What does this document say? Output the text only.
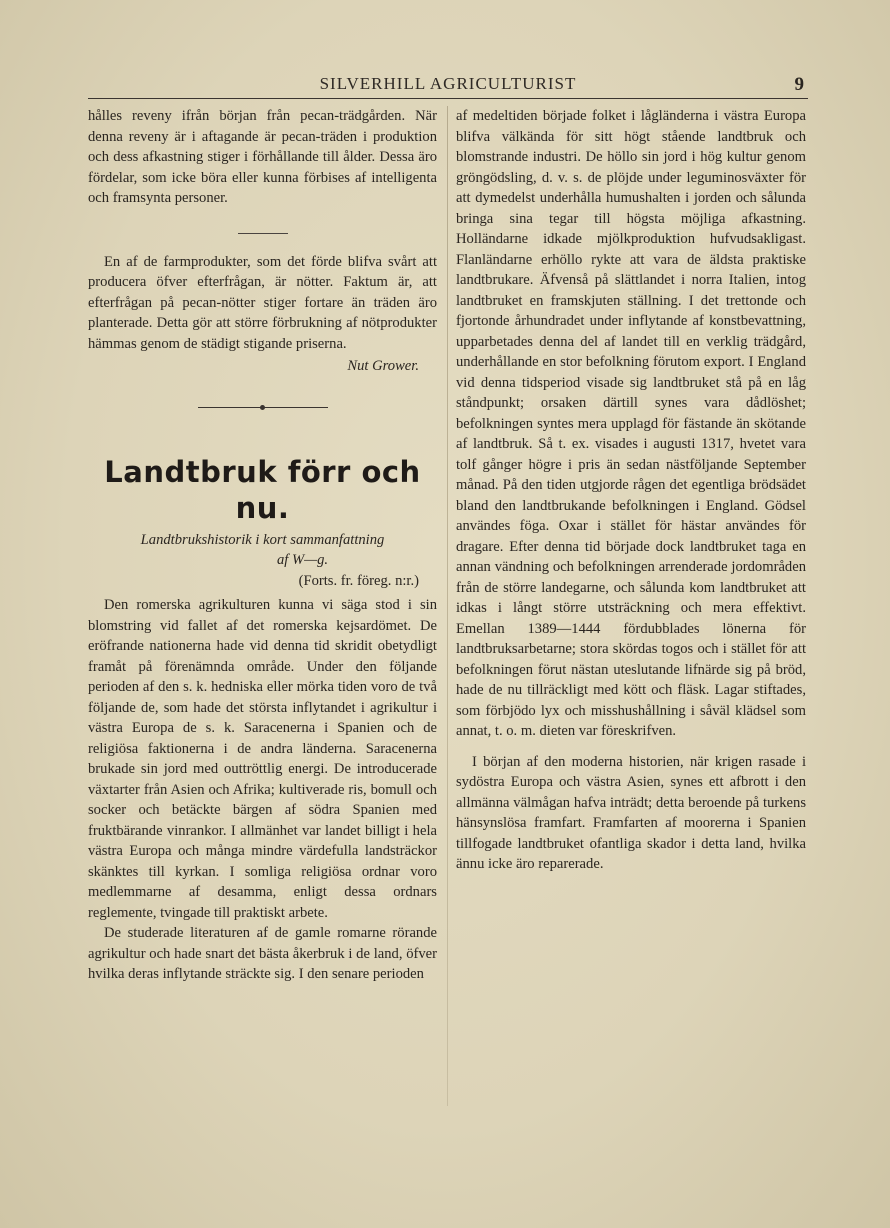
SILVERHILL AGRICULTURIST	9

hålles reveny ifrån början från pecan-trädgården. När denna reveny är i aftagande är pecan-träden i produktion och dess afkastning stiger i förhållande till ålder. Dessa äro fördelar, som icke böra eller kunna förbises af intelligenta och framsynta personer.

En af de farmprodukter, som det förde blifva svårt att producera öfver efterfrågan, är nötter. Faktum är, att efterfrågan på pecan-nötter stiger fortare än träden äro planterade. Detta gör att större förbrukning af nötprodukter hämmas genom de städigt stigande priserna.

Nut Grower.

Landtbruk förr och nu.

Landtbrukshistorik i kort sammanfattning

af W—g.

(Forts. fr. föreg. n:r.)

Den romerska agrikulturen kunna vi säga stod i sin blomstring vid fallet af det romerska kejsardömet. De eröfrande nationerna hade vid denna tid skridit obetydligt framåt på förenämnda område. Under den följande perioden af den s. k. hedniska eller mörka tiden voro de två följande de, som hade det största inflytandet i agrikultur i västra Europa de s. k. Saracenerna i Spanien och de religiösa faktionerna i de andra länderna. Saracenerna brukade sin jord med outtröttlig energi. De introducerade växtarter från Asien och Afrika; kultiverade ris, bomull och socker och betäckte bärgen af södra Spanien med fruktbärande vinrankor. I allmänhet var landet billigt i hela västra Europa och många mindre värdefulla landsträckor skänktes till kyrkan. I somliga religiösa ordnar voro medlemmarne af desamma, enligt dessa ordnars reglemente, tvingade till praktiskt arbete.

De studerade literaturen af de gamle romarne rörande agrikultur och hade snart det bästa åkerbruk i de land, öfver hvilka deras inflytande sträckte sig. I den senare perioden

af medeltiden började folket i lågländerna i västra Europa blifva välkända för sitt högt stående landtbruk och blomstrande industri. De höllo sin jord i hög kultur genom gröngödsling, d. v. s. de plöjde under leguminosväxter för att dymedelst underhålla humushalten i jorden och sålunda bringa sina tegar till högsta möjliga afkastning. Holländarne idkade mjölkproduktion hufvudsakligast. Flanländarne erhöllo rykte att vara de äldsta praktiske landtbrukare. Äfvenså på slättlandet i norra Italien, intog landtbruket en framskjuten ställning. I det trettonde och fjortonde århundradet under inflytande af konstbevattning, upparbetades denna del af landet till en verklig trädgård, underhållande en stor befolkning förutom export. I England vid denna tidsperiod visade sig landtbruket stå på en låg ståndpunkt; orsaken därtill synes vara dådlöshet; befolkningen syntes mera upplagd för fästande än skötande af landtbruk. Så t. ex. visades i augusti 1317, hvetet vara tolf gånger högre i pris än sedan nästföljande September månad. På den tiden utgjorde rågen det egentliga brödsädet bland den landtbrukande befolkningen i England. Gödsel användes föga. Oxar i stället för hästar användes för dragare. Efter denna tid började dock landtbruket taga en annan vändning och befolkningen arrenderade jordområden från de större landegarne, och sålunda kom landtbruket att idkas i långt större utsträckning och mera effektivt. Emellan 1389—1444 fördubblades lönerna för landtbruksarbetarne; stora skördas togos och i stället för att befolkningen förut nästan uteslutande lifnärde sig på bröd, hade de nu tillräckligt med kött och fläsk. Lagar stiftades, som förbjödo lyx och misshushållning i såväl klädsel som annat, t. o. m. dieten var föreskrifven.

I början af den moderna historien, när krigen rasade i sydöstra Europa och västra Asien, synes ett afbrott i den allmänna välmågan hafva inträdt; detta beroende på turkens hänsynslösa framfart. Framfarten af moorerna i Spanien tillfogade landtbruket ofantliga skador i detta land, hvilka ännu icke äro reparerade.
